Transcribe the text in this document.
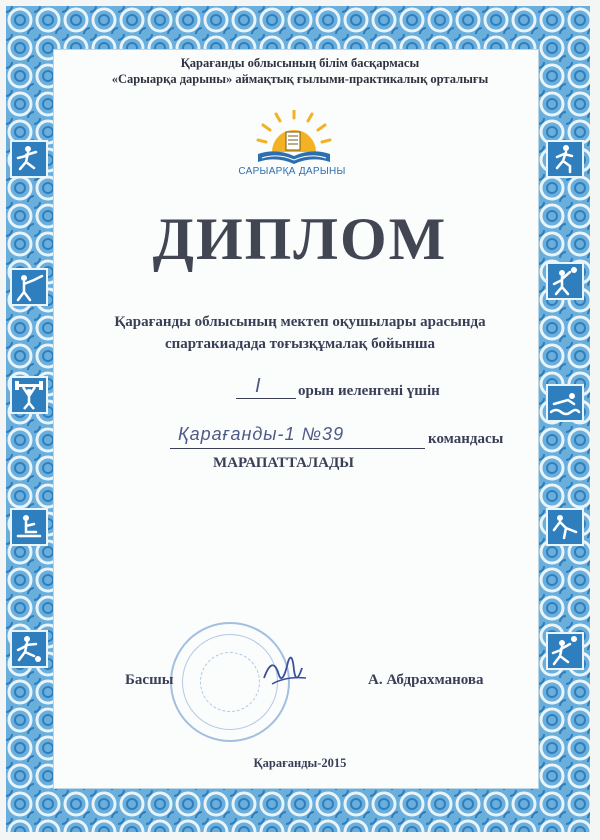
Қарағанды облысының білім басқармасы
«Сарыарқа дарыны» аймақтық ғылыми-практикалық орталығы
САРЫАРҚА ДАРЫНЫ
ДИПЛОМ
Қарағанды облысының мектеп оқушылары арасында
спартакиадада тоғызқұмалақ бойынша
I орын иеленгені үшін
Қарағанды-1 №39	командасы
МАРАПАТТАЛАДЫ
Басшы	А. Абдрахманова
Қарағанды-2015
